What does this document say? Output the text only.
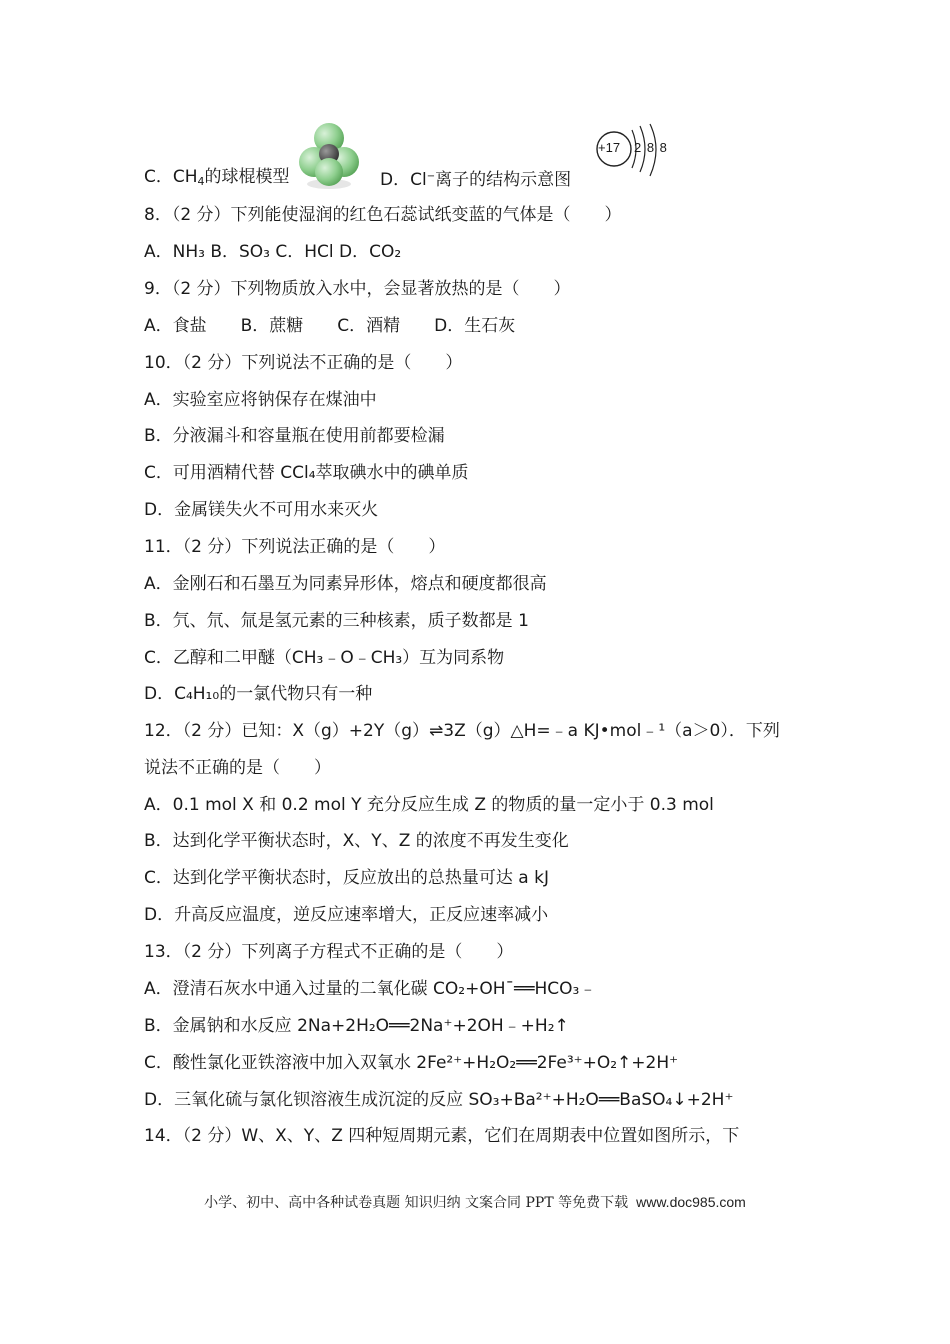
C．$CH_4$的球棍模型	D．Cl−离子的结构示意图
+17 2 8 8
8．（2 分）下列能使湿润的红色石蕊试纸变蓝的气体是（　　）
A．NH₃ B．SO₃ C．HCl D．CO₂
9．（2 分）下列物质放入水中，会显著放热的是（　　）
A．食盐　　B．蔗糖　　C．酒精　　D．生石灰
10．（2 分）下列说法不正确的是（　　）
A．实验室应将钠保存在煤油中
B．分液漏斗和容量瓶在使用前都要检漏
C．可用酒精代替 CCl₄萃取碘水中的碘单质
D．金属镁失火不可用水来灭火
11．（2 分）下列说法正确的是（　　）
A．金刚石和石墨互为同素异形体，熔点和硬度都很高
B．氕、氘、氚是氢元素的三种核素，质子数都是 1
C．乙醇和二甲醚（CH₃﹣O﹣CH₃）互为同系物
D．C₄H₁₀的一氯代物只有一种
12．（2 分）已知：X（g）+2Y（g）⇌3Z（g）△H=﹣a KJ•mol﹣¹（a＞0）．下列
说法不正确的是（　　）
A．0.1 mol X 和 0.2 mol Y 充分反应生成 Z 的物质的量一定小于 0.3 mol
B．达到化学平衡状态时，X、Y、Z 的浓度不再发生变化
C．达到化学平衡状态时，反应放出的总热量可达 a kJ
D．升高反应温度，逆反应速率增大，正反应速率减小
13．（2 分）下列离子方程式不正确的是（　　）
A．澄清石灰水中通入过量的二氧化碳 CO₂+OH¯══HCO₃﹣
B．金属钠和水反应 2Na+2H₂O══2Na⁺+2OH﹣+H₂↑
C．酸性氯化亚铁溶液中加入双氧水 2Fe²⁺+H₂O₂══2Fe³⁺+O₂↑+2H⁺
D．三氧化硫与氯化钡溶液生成沉淀的反应 SO₃+Ba²⁺+H₂O══BaSO₄↓+2H⁺
14．（2 分）W、X、Y、Z 四种短周期元素，它们在周期表中位置如图所示，下
小学、初中、高中各种试卷真题 知识归纳 文案合同 PPT 等免费下载 www.doc985.com
